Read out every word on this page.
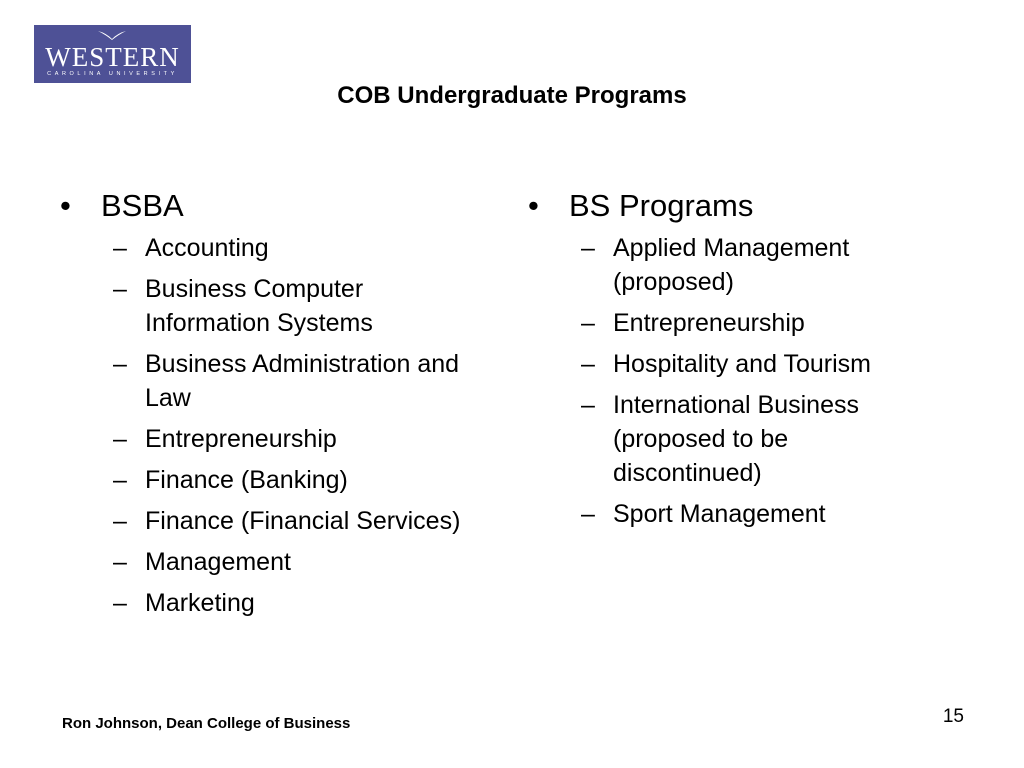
WESTERN
CAROLINA UNIVERSITY
COB Undergraduate Programs
• BSBA
– Accounting
– Business Computer Information Systems
– Business Administration and Law
– Entrepreneurship
– Finance (Banking)
– Finance (Financial Services)
– Management
– Marketing
• BS Programs
– Applied Management (proposed)
– Entrepreneurship
– Hospitality and Tourism
– International Business (proposed to be discontinued)
– Sport Management
Ron Johnson, Dean College of Business	15
